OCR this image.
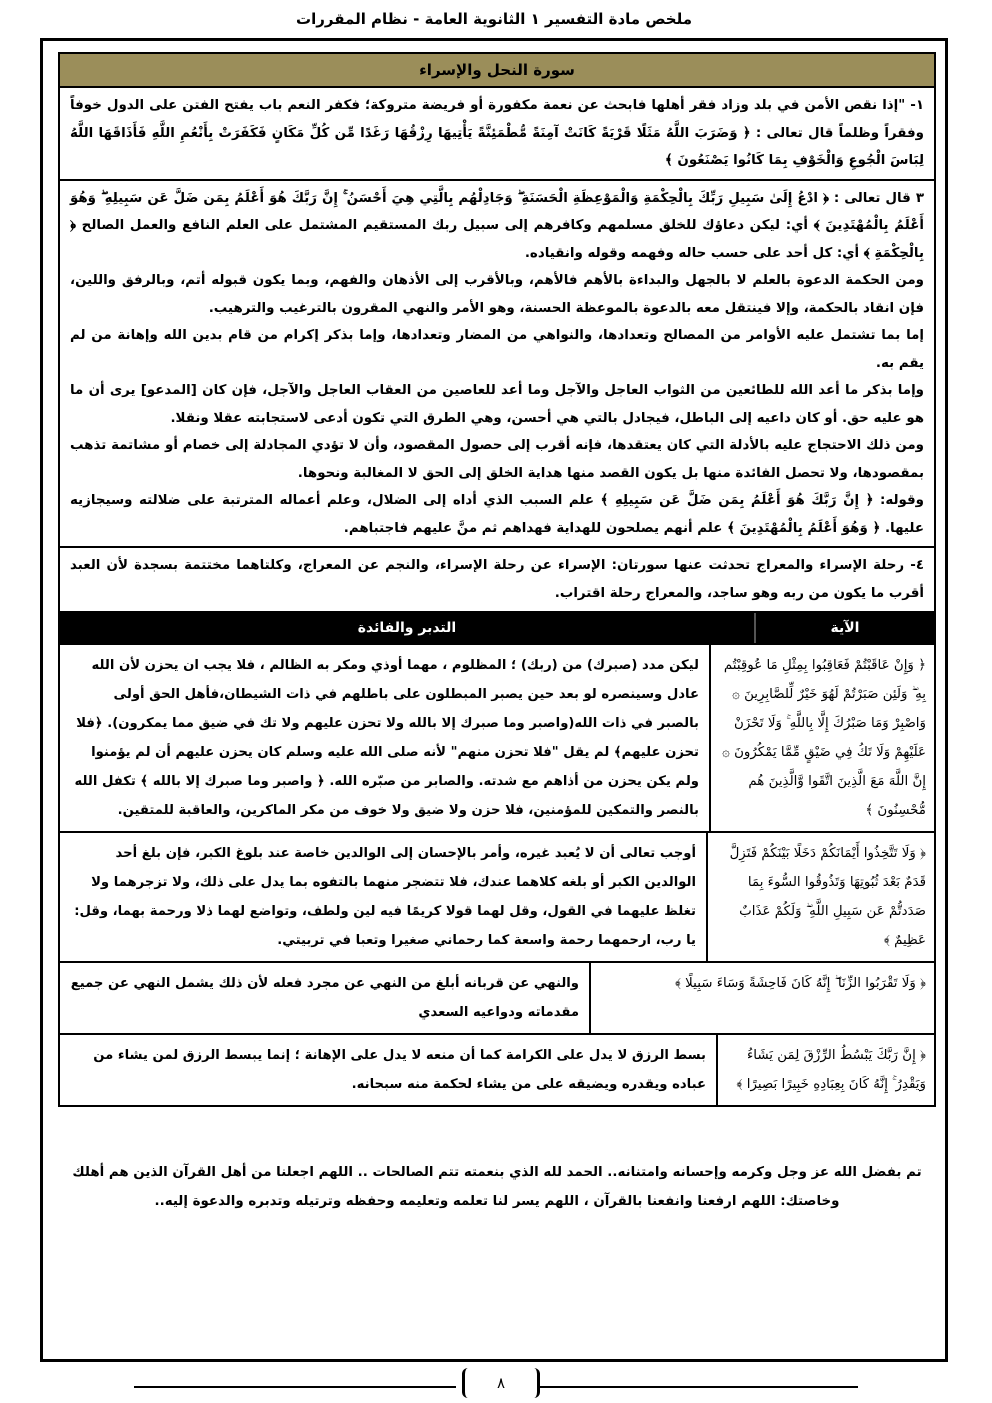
ملخص مادة التفسير ١ الثانوية العامة - نظام المقررات
سورة النحل والإسراء

١- "إذا نقص الأمن في بلد وزاد فقر أهلها فابحث عن نعمة مكفورة أو فريضة متروكة؛ فكفر النعم باب يفتح الفتن على الدول خوفاً وفقراً وظلماً قال تعالى : ﴿ وَضَرَبَ اللَّهُ مَثَلًا قَرْيَةً كَانَتْ آمِنَةً مُّطْمَئِنَّةً يَأْتِيهَا رِزْقُهَا رَغَدًا مِّن كُلِّ مَكَانٍ فَكَفَرَتْ بِأَنْعُمِ اللَّهِ فَأَذَاقَهَا اللَّهُ لِبَاسَ الْجُوعِ وَالْخَوْفِ بِمَا كَانُوا يَصْنَعُونَ ﴾

٣ قال تعالى : ﴿ ادْعُ إِلَىٰ سَبِيلِ رَبِّكَ بِالْحِكْمَةِ وَالْمَوْعِظَةِ الْحَسَنَةِ ۖ وَجَادِلْهُم بِالَّتِي هِيَ أَحْسَنُ ۚ إِنَّ رَبَّكَ هُوَ أَعْلَمُ بِمَن ضَلَّ عَن سَبِيلِهِ ۖ وَهُوَ أَعْلَمُ بِالْمُهْتَدِينَ ﴾ أي: ليكن دعاؤك للخلق مسلمهم وكافرهم إلى سبيل ربك المستقيم المشتمل على العلم النافع والعمل الصالح ﴿ بِالْحِكْمَةِ ﴾ أي: كل أحد على حسب حاله وفهمه وقوله وانقياده.

ومن الحكمة الدعوة بالعلم لا بالجهل والبداءة بالأهم فالأهم، وبالأقرب إلى الأذهان والفهم، وبما يكون قبوله أتم، وبالرفق واللين، فإن انقاد بالحكمة، وإلا فينتقل معه بالدعوة بالموعظة الحسنة، وهو الأمر والنهي المقرون بالترغيب والترهيب.

إما بما تشتمل عليه الأوامر من المصالح وتعدادها، والنواهي من المضار وتعدادها، وإما بذكر إكرام من قام بدين الله وإهانة من لم يقم به.

وإما بذكر ما أعد الله للطائعين من الثواب العاجل والآجل وما أعد للعاصين من العقاب العاجل والآجل، فإن كان [المدعو] يرى أن ما هو عليه حق. أو كان داعيه إلى الباطل، فيجادل بالتي هي أحسن، وهي الطرق التي تكون أدعى لاستجابته عقلا ونقلا.

ومن ذلك الاحتجاج عليه بالأدلة التي كان يعتقدها، فإنه أقرب إلى حصول المقصود، وأن لا تؤدي المجادلة إلى خصام أو مشاتمة تذهب بمقصودها، ولا تحصل الفائدة منها بل يكون القصد منها هداية الخلق إلى الحق لا المغالبة ونحوها.

وقوله: ﴿ إِنَّ رَبَّكَ هُوَ أَعْلَمُ بِمَن ضَلَّ عَن سَبِيلِهِ ﴾ علم السبب الذي أداه إلى الضلال، وعلم أعماله المترتبة على ضلالته وسيجازيه عليها. ﴿ وَهُوَ أَعْلَمُ بِالْمُهْتَدِينَ ﴾ علم أنهم يصلحون للهداية فهداهم ثم منَّ عليهم فاجتباهم.

٤- رحلة الإسراء والمعراج تحدثت عنها سورتان: الإسراء عن رحلة الإسراء، والنجم عن المعراج، وكلتاهما مختتمة بسجدة لأن العبد أقرب ما يكون من ربه وهو ساجد، والمعراج رحلة اقتراب.

الآية
التدبر والفائدة
﴿ وَإِنْ عَاقَبْتُمْ فَعَاقِبُوا بِمِثْلِ مَا عُوقِبْتُم بِهِ ۖ وَلَئِن صَبَرْتُمْ لَهُوَ خَيْرٌ لِّلصَّابِرِينَ ۞ وَاصْبِرْ وَمَا صَبْرُكَ إِلَّا بِاللَّهِ ۚ وَلَا تَحْزَنْ عَلَيْهِمْ وَلَا تَكُ فِي ضَيْقٍ مِّمَّا يَمْكُرُونَ ۞ إِنَّ اللَّهَ مَعَ الَّذِينَ اتَّقَوا وَّالَّذِينَ هُم مُّحْسِنُونَ ﴾
ليكن مدد (صبرك) من (ربك) ؛ المظلوم ، مهما أوذي ومكر به الظالم ، فلا يجب ان يحزن لأن الله عادل وسينصره لو بعد حين يصبر المبطلون على باطلهم في ذات الشيطان،فأهل الحق أولى بالصبر في ذات الله(واصبر وما صبرك إلا بالله ولا تحزن عليهم ولا تك في ضيق مما يمكرون). ﴿فلا تحزن عليهم﴾ لم يقل "فلا تحزن منهم" لأنه صلى الله عليه وسلم كان يحزن عليهم أن لم يؤمنوا ولم يكن يحزن من أذاهم مع شدته. والصابر من صبّره الله. ﴿ واصبر وما صبرك إلا بالله ﴾ تكفل الله بالنصر والتمكين للمؤمنين، فلا حزن ولا ضيق ولا خوف من مكر الماكرين، والعاقبة للمتقين.
﴿ وَلَا تَتَّخِذُوا أَيْمَانَكُمْ دَخَلًا بَيْنَكُمْ فَتَزِلَّ قَدَمٌ بَعْدَ ثُبُوتِهَا وَتَذُوقُوا السُّوءَ بِمَا صَدَدتُّمْ عَن سَبِيلِ اللَّهِ ۖ وَلَكُمْ عَذَابٌ عَظِيمٌ ﴾
أوجب تعالى أن لا يُعبد غيره، وأمر بالإحسان إلى الوالدين خاصة عند بلوغ الكبر، فإن بلغ أحد الوالدين الكبر أو بلغه كلاهما عندك، فلا تتضجر منهما بالتفوه بما يدل على ذلك، ولا تزجرهما ولا تغلظ عليهما في القول، وقل لهما قولا كريمًا فيه لين ولطف، وتواضع لهما ذلا ورحمة بهما، وقل: يا رب، ارحمهما رحمة واسعة كما رحماني صغيرا وتعبا في تربيتي.
﴿ وَلَا تَقْرَبُوا الزِّنَا ۖ إِنَّهُ كَانَ فَاحِشَةً وَسَاءَ سَبِيلًا ﴾
والنهي عن قربانه أبلغ من النهي عن مجرد فعله لأن ذلك يشمل النهي عن جميع مقدماته ودواعيه السعدي
﴿ إِنَّ رَبَّكَ يَبْسُطُ الرِّزْقَ لِمَن يَشَاءُ وَيَقْدِرُ ۚ إِنَّهُ كَانَ بِعِبَادِهِ خَبِيرًا بَصِيرًا ﴾
بسط الرزق لا يدل على الكرامة كما أن منعه لا يدل على الإهانة ؛ إنما يبسط الرزق لمن يشاء من عباده ويقدره ويضيقه على من يشاء لحكمة منه سبحانه.
تم بفضل الله عز وجل وكرمه وإحسانه وامتنانه.. الحمد لله الذي بنعمته تتم الصالحات .. اللهم اجعلنا من أهل القرآن الذين هم أهلك وخاصتك: اللهم ارفعنا وانفعنا بالقرآن ، اللهم يسر لنا تعلمه وتعليمه وحفظه وترتيله وتدبره والدعوة إليه..
٨
